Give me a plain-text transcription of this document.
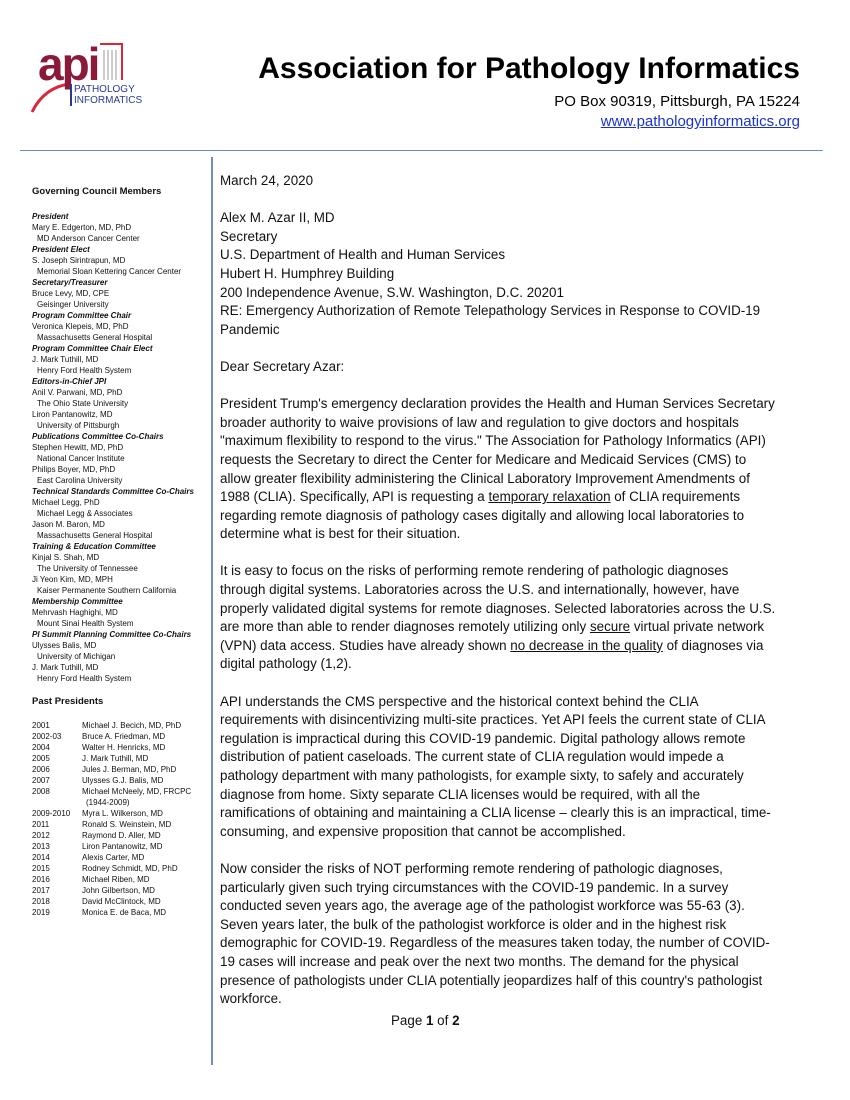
api
PATHOLOGY
INFORMATICS
Association for Pathology Informatics
PO Box 90319, Pittsburgh, PA 15224
www.pathologyinformatics.org
Governing Council Members
President
Mary E. Edgerton, MD, PhD
MD Anderson Cancer Center
President Elect
S. Joseph Sirintrapun, MD
Memorial Sloan Kettering Cancer Center
Secretary/Treasurer
Bruce Levy, MD, CPE
Geisinger University
Program Committee Chair
Veronica Klepeis, MD, PhD
Massachusetts General Hospital
Program Committee Chair Elect
J. Mark Tuthill, MD
Henry Ford Health System
Editors-in-Chief JPI
Anil V. Parwani, MD, PhD
The Ohio State University
Liron Pantanowitz, MD
University of Pittsburgh
Publications Committee Co-Chairs
Stephen Hewitt, MD, PhD
National Cancer Institute
Philips Boyer, MD, PhD
East Carolina University
Technical Standards Committee Co-Chairs
Michael Legg, PhD
Michael Legg & Associates
Jason M. Baron, MD
Massachusetts General Hospital
Training & Education Committee
Kinjal S. Shah, MD
The University of Tennessee
Ji Yeon Kim, MD, MPH
Kaiser Permanente Southern California
Membership Committee
Mehrvash Haghighi, MD
Mount Sinai Health System
PI Summit Planning Committee Co-Chairs
Ulysses Balis, MD
University of Michigan
J. Mark Tuthill, MD
Henry Ford Health System
Past Presidents
2001	Michael J. Becich, MD, PhD
2002-03	Bruce A. Friedman, MD
2004	Walter H. Henricks, MD
2005	J. Mark Tuthill, MD
2006	Jules J. Berman, MD, PhD
2007	Ulysses G.J. Balis, MD
2008	Michael McNeely, MD, FRCPC
(1944-2009)
2009-2010	Myra L. Wilkerson, MD
2011	Ronald S. Weinstein, MD
2012	Raymond D. Aller, MD
2013	Liron Pantanowitz, MD
2014	Alexis Carter, MD
2015	Rodney Schmidt, MD, PhD
2016	Michael Riben, MD
2017	John Gilbertson, MD
2018	David McClintock, MD
2019	Monica E. de Baca, MD

March 24, 2020

Alex M. Azar II, MD

Secretary

U.S. Department of Health and Human Services

Hubert H. Humphrey Building

200 Independence Avenue, S.W. Washington, D.C. 20201

RE: Emergency Authorization of Remote Telepathology Services in Response to COVID-19

Pandemic

Dear Secretary Azar:

President Trump's emergency declaration provides the Health and Human Services Secretary

broader authority to waive provisions of law and regulation to give doctors and hospitals

"maximum flexibility to respond to the virus." The Association for Pathology Informatics (API)

requests the Secretary to direct the Center for Medicare and Medicaid Services (CMS) to

allow greater flexibility administering the Clinical Laboratory Improvement Amendments of

1988 (CLIA). Specifically, API is requesting a temporary relaxation of CLIA requirements

regarding remote diagnosis of pathology cases digitally and allowing local laboratories to

determine what is best for their situation.

It is easy to focus on the risks of performing remote rendering of pathologic diagnoses

through digital systems. Laboratories across the U.S. and internationally, however, have

properly validated digital systems for remote diagnoses. Selected laboratories across the U.S.

are more than able to render diagnoses remotely utilizing only secure virtual private network

(VPN) data access. Studies have already shown no decrease in the quality of diagnoses via

digital pathology (1,2).

API understands the CMS perspective and the historical context behind the CLIA

requirements with disincentivizing multi-site practices. Yet API feels the current state of CLIA

regulation is impractical during this COVID-19 pandemic. Digital pathology allows remote

distribution of patient caseloads. The current state of CLIA regulation would impede a

pathology department with many pathologists, for example sixty, to safely and accurately

diagnose from home. Sixty separate CLIA licenses would be required, with all the

ramifications of obtaining and maintaining a CLIA license – clearly this is an impractical, time-

consuming, and expensive proposition that cannot be accomplished.

Now consider the risks of NOT performing remote rendering of pathologic diagnoses,

particularly given such trying circumstances with the COVID-19 pandemic. In a survey

conducted seven years ago, the average age of the pathologist workforce was 55-63 (3).

Seven years later, the bulk of the pathologist workforce is older and in the highest risk

demographic for COVID-19. Regardless of the measures taken today, the number of COVID-

19 cases will increase and peak over the next two months. The demand for the physical

presence of pathologists under CLIA potentially jeopardizes half of this country's pathologist

workforce.

Page 1 of 2
